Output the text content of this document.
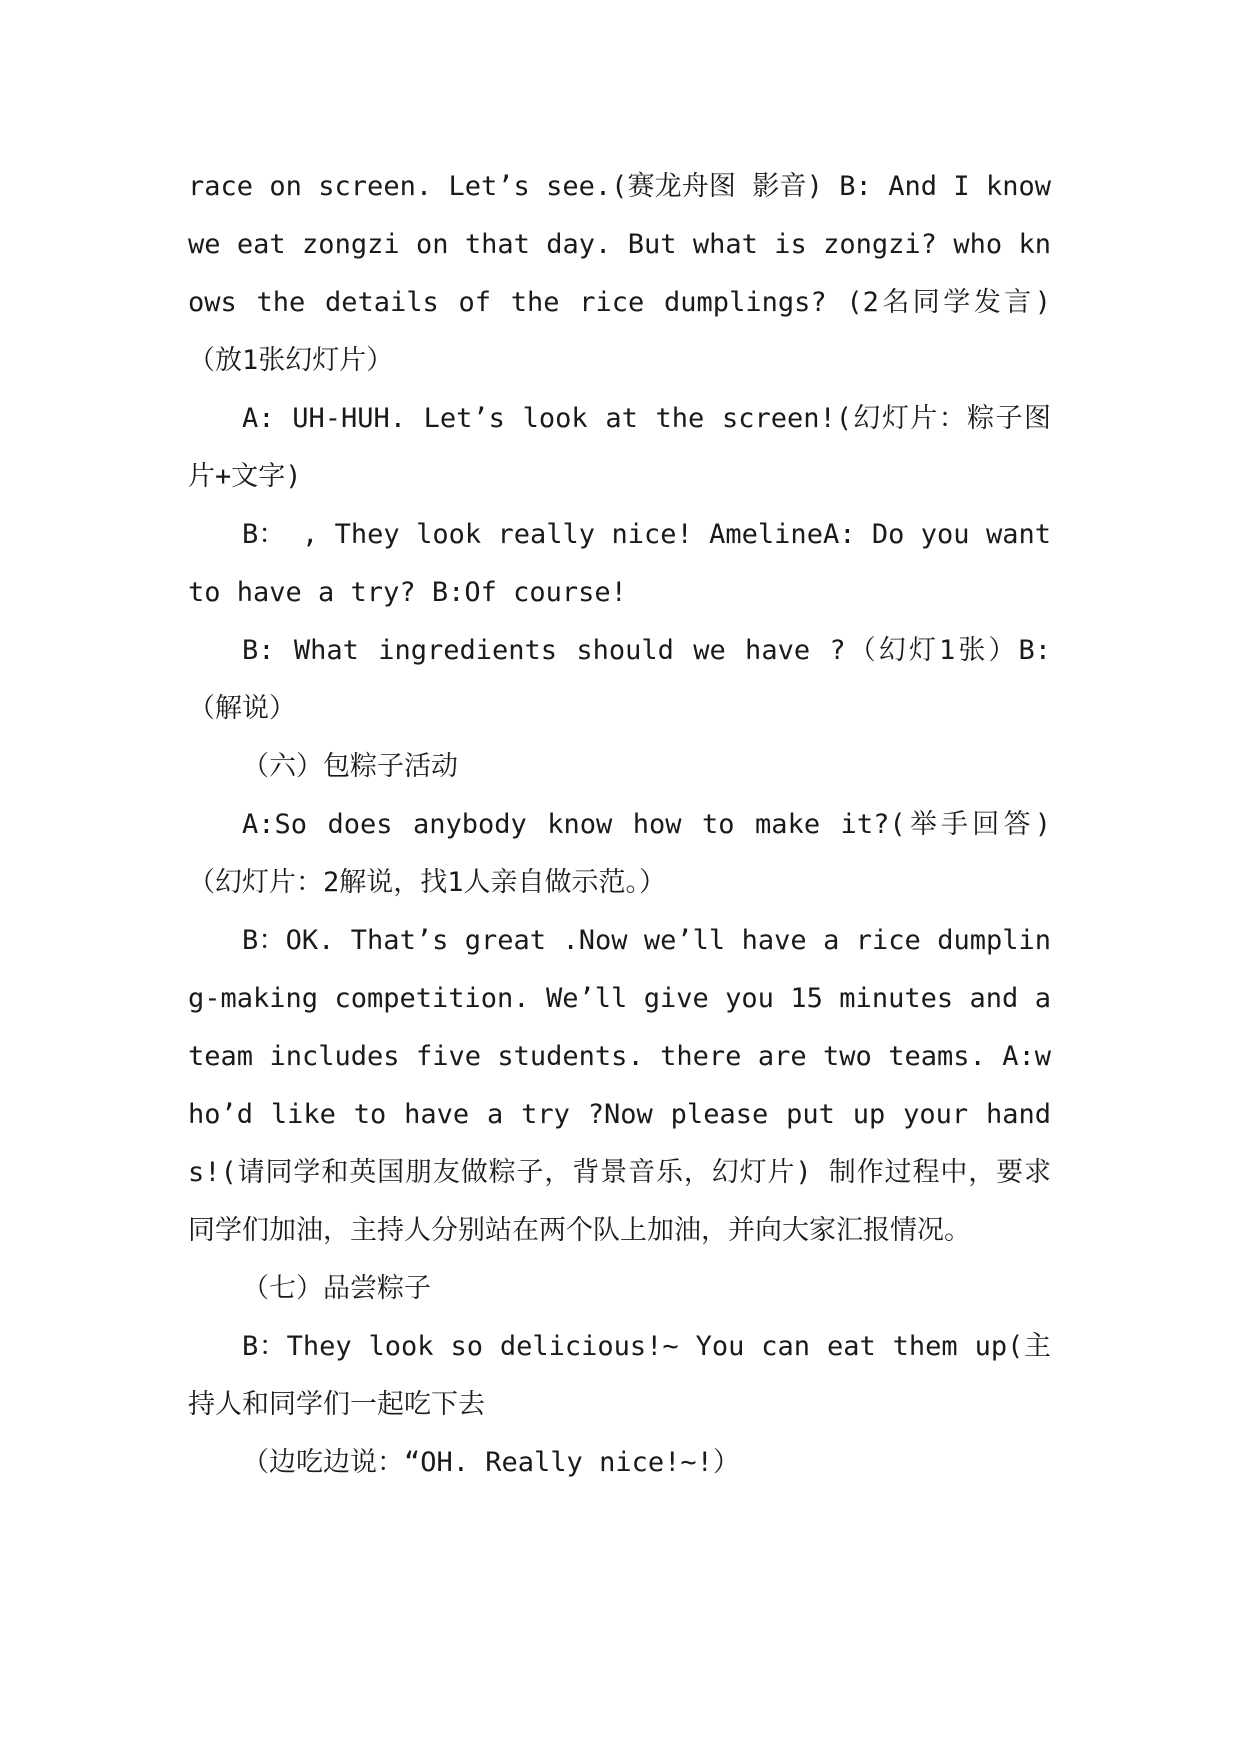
race on screen. Let’s see.(赛龙舟图 影音) B: And I know we eat zongzi on that day. But what is zongzi? who knows the details of the rice dumplings? (2名同学发言)（放1张幻灯片）

A: UH-HUH. Let’s look at the screen!(幻灯片：粽子图片+文字)

B： , They look really nice! AmelineA: Do you want to have a try? B:Of course!

B: What ingredients should we have ?（幻灯1张）B:（解说）

（六）包粽子活动

A:So does anybody know how to make it?(举手回答)（幻灯片：2解说，找1人亲自做示范。）

B：OK. That’s great .Now we’ll have a rice dumpling-making competition. We’ll give you 15 minutes and a team includes five students. there are two teams. A:who’d like to have a try ?Now please put up your hands!(请同学和英国朋友做粽子，背景音乐，幻灯片) 制作过程中，要求同学们加油，主持人分别站在两个队上加油，并向大家汇报情况。

（七）品尝粽子

B：They look so delicious!~ You can eat them up(主持人和同学们一起吃下去

（边吃边说：“OH. Really nice!~!）
